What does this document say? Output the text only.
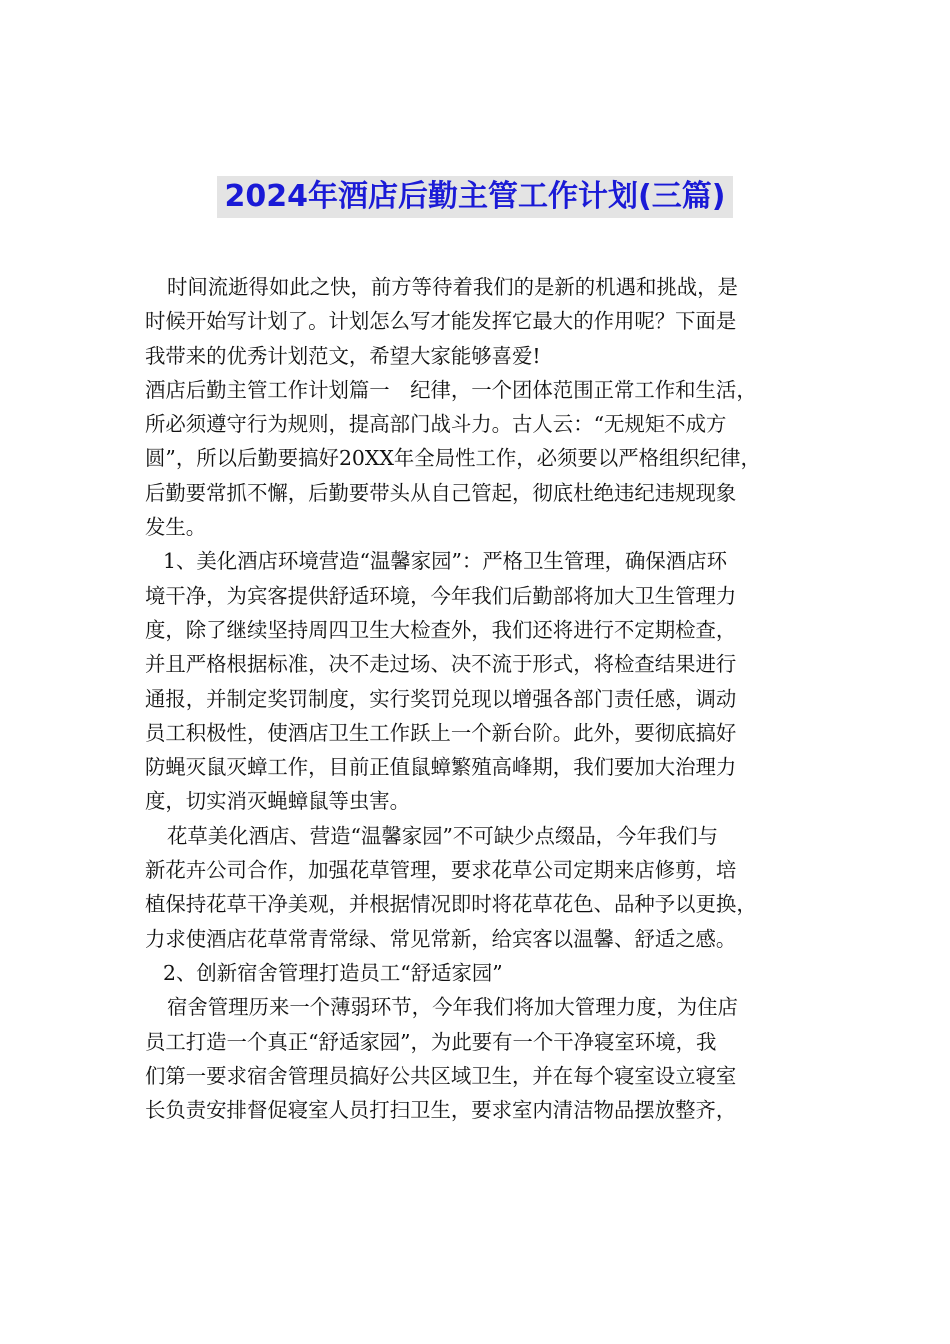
2024年酒店后勤主管工作计划(三篇)
时间流逝得如此之快，前方等待着我们的是新的机遇和挑战，是
时候开始写计划了。计划怎么写才能发挥它最大的作用呢？下面是
我带来的优秀计划范文，希望大家能够喜爱!
酒店后勤主管工作计划篇一　纪律，一个团体范围正常工作和生活，
所必须遵守行为规则，提高部门战斗力。古人云：“无规矩不成方
圆”，所以后勤要搞好20XX年全局性工作，必须要以严格组织纪律，
后勤要常抓不懈，后勤要带头从自己管起，彻底杜绝违纪违规现象
发生。
1、美化酒店环境营造“温馨家园”：严格卫生管理，确保酒店环
境干净，为宾客提供舒适环境，今年我们后勤部将加大卫生管理力
度，除了继续坚持周四卫生大检查外，我们还将进行不定期检查，
并且严格根据标准，决不走过场、决不流于形式，将检查结果进行
通报，并制定奖罚制度，实行奖罚兑现以增强各部门责任感，调动
员工积极性，使酒店卫生工作跃上一个新台阶。此外，要彻底搞好
防蝇灭鼠灭蟑工作，目前正值鼠蟑繁殖高峰期，我们要加大治理力
度，切实消灭蝇蟑鼠等虫害。
花草美化酒店、营造“温馨家园”不可缺少点缀品，今年我们与
新花卉公司合作，加强花草管理，要求花草公司定期来店修剪，培
植保持花草干净美观，并根据情况即时将花草花色、品种予以更换，
力求使酒店花草常青常绿、常见常新，给宾客以温馨、舒适之感。
2、创新宿舍管理打造员工“舒适家园”
宿舍管理历来一个薄弱环节，今年我们将加大管理力度，为住店
员工打造一个真正“舒适家园”，为此要有一个干净寝室环境，我
们第一要求宿舍管理员搞好公共区域卫生，并在每个寝室设立寝室
长负责安排督促寝室人员打扫卫生，要求室内清洁物品摆放整齐，
